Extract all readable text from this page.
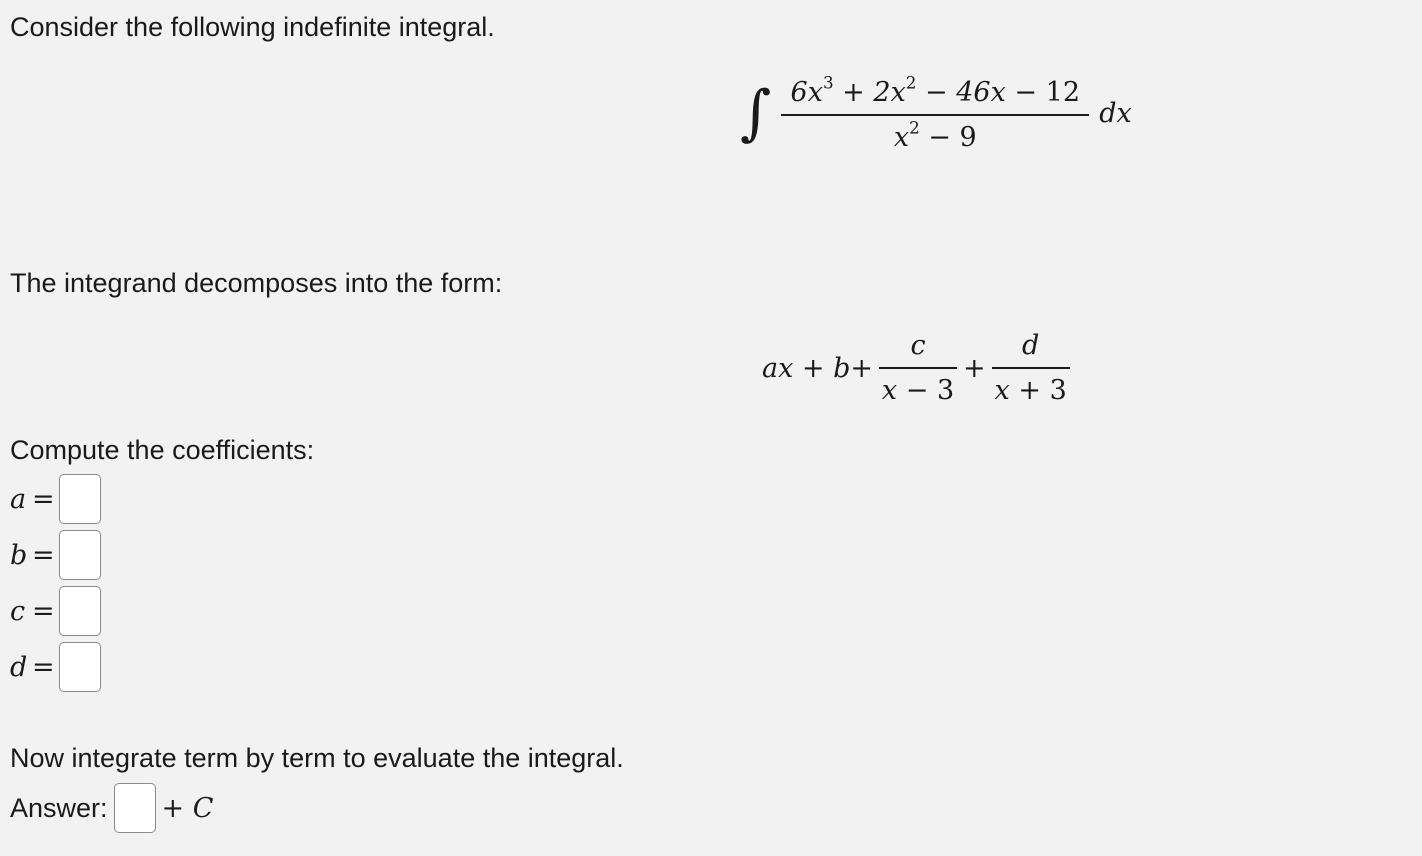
Consider the following indefinite integral.
∫ $\frac{6x^3 + 2x^2 - 46x - 12}{x^2 - 9}$ dx
The integrand decomposes into the form:
ax + $b+ \frac{c}{x - 3} + \frac{d}{x + 3}$
Compute the coefficients:
a =
b =
c =
d =
Now integrate term by term to evaluate the integral.
Answer: + C
